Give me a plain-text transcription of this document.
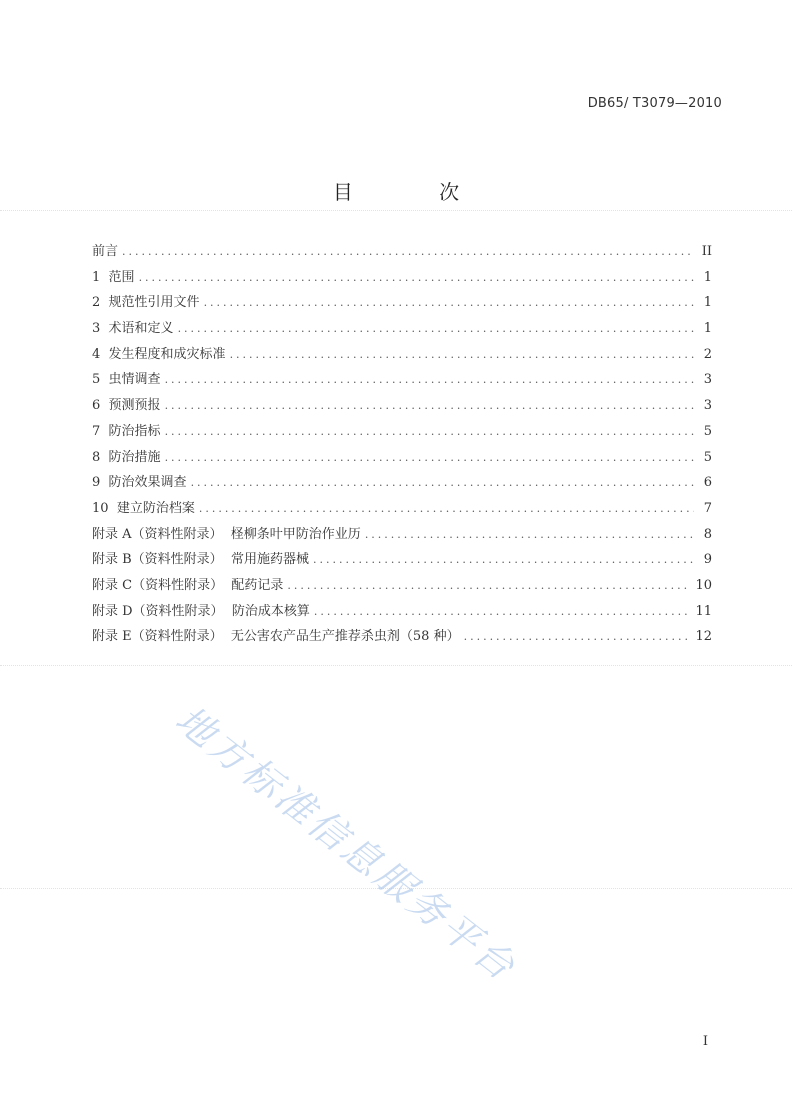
DB65/ T3079—2010
目 次
前言 .....	II
1 范围 .....	1
2 规范性引用文件 .....	1
3 术语和定义 .....	1
4 发生程度和成灾标准 .....	2
5 虫情调查 .....	3
6 预测预报 .....	3
7 防治指标 .....	5
8 防治措施 .....	5
9 防治效果调查 .....	6
10 建立防治档案 .....	7
附录 A（资料性附录） 柽柳条叶甲防治作业历 .....	8
附录 B（资料性附录） 常用施药器械 .....	9
附录 C（资料性附录） 配药记录 .....	10
附录 D（资料性附录） 防治成本核算 .....	11
附录 E（资料性附录） 无公害农产品生产推荐杀虫剂（58 种） .....	12
I
地方标准信息服务平台
